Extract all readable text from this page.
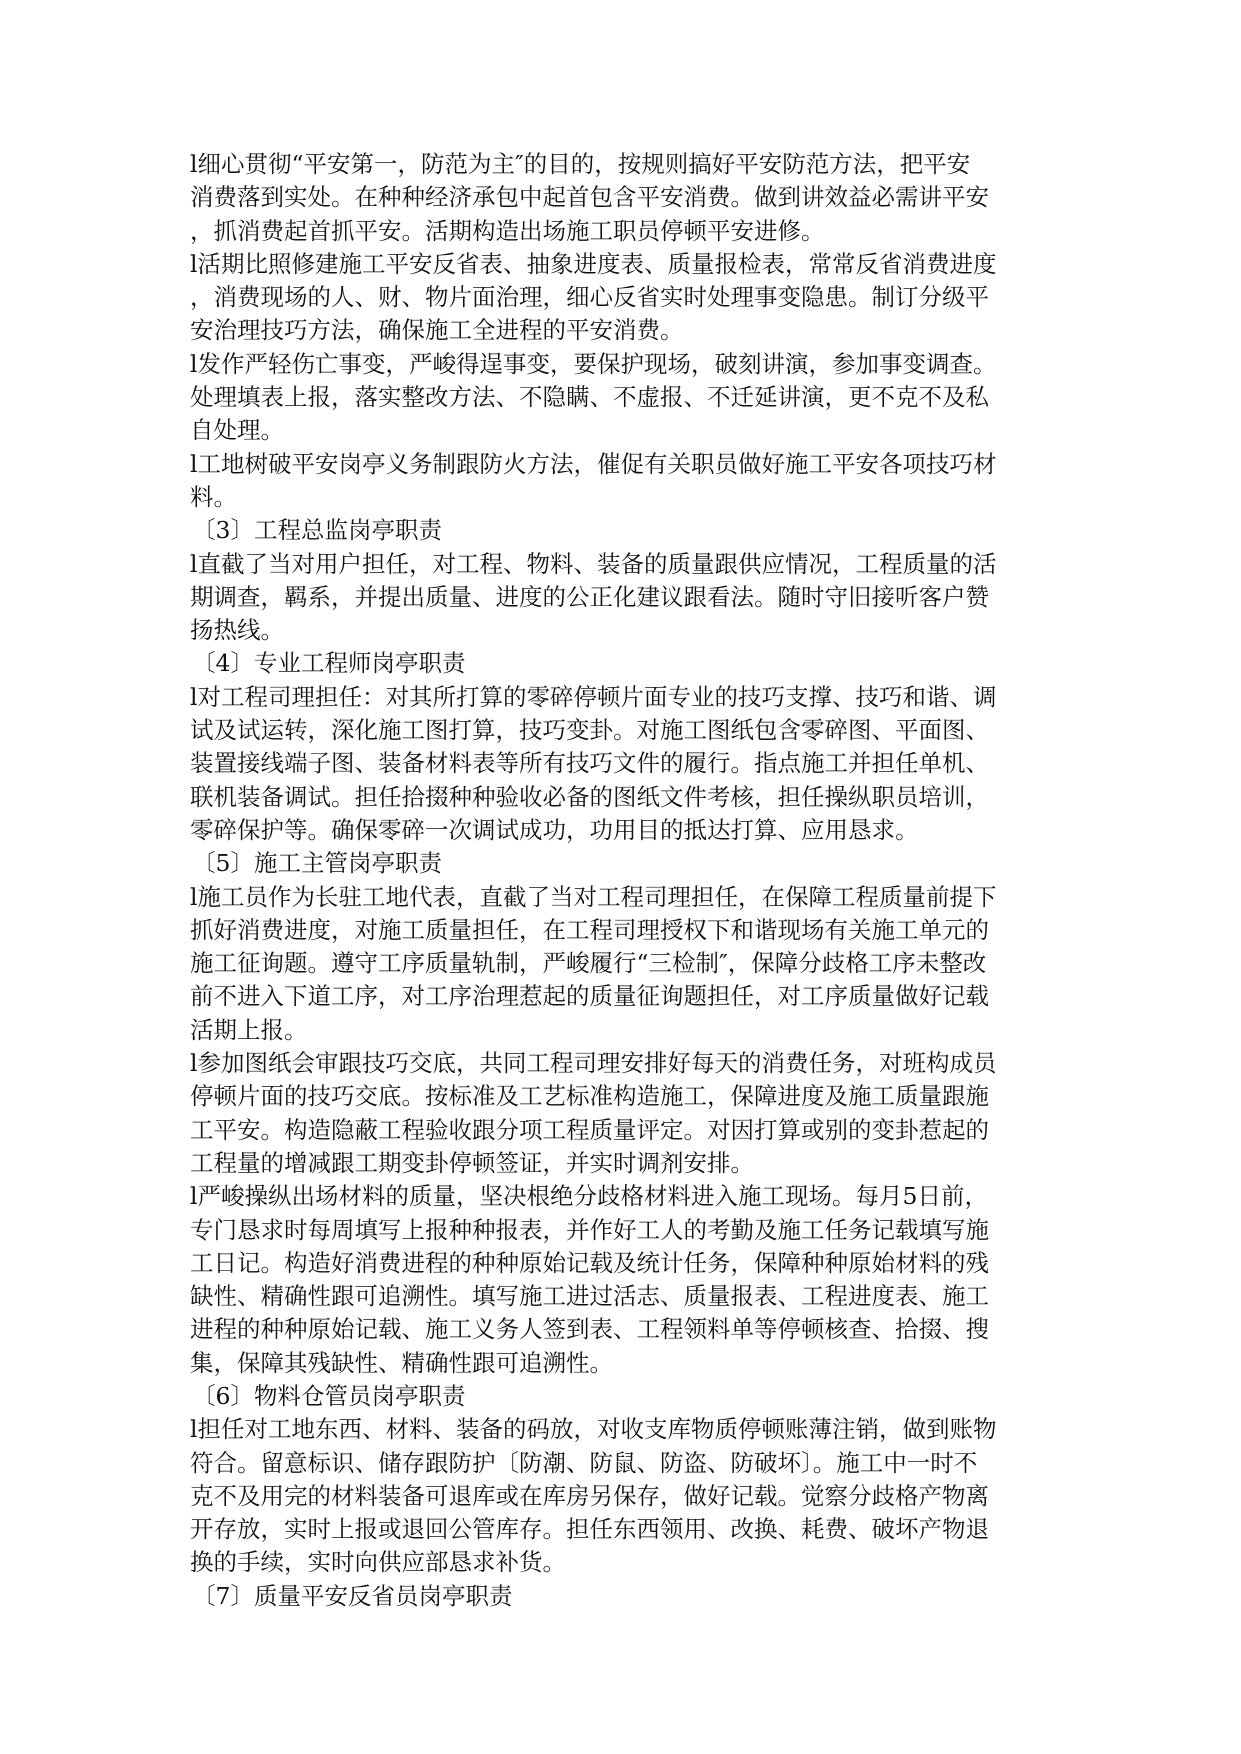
l细心贯彻“平安第一，防范为主″的目的，按规则搞好平安防范方法，把平安
消费落到实处。在种种经济承包中起首包含平安消费。做到讲效益必需讲平安
，抓消费起首抓平安。活期构造出场施工职员停顿平安进修。
l活期比照修建施工平安反省表、抽象进度表、质量报检表，常常反省消费进度
，消费现场的人、财、物片面治理，细心反省实时处理事变隐患。制订分级平
安治理技巧方法，确保施工全进程的平安消费。
l发作严轻伤亡事变，严峻得逞事变，要保护现场，破刻讲演，参加事变调查。
处理填表上报，落实整改方法、不隐瞒、不虚报、不迁延讲演，更不克不及私
自处理。
l工地树破平安岗亭义务制跟防火方法，催促有关职员做好施工平安各项技巧材
料。
〔3〕工程总监岗亭职责
l直截了当对用户担任，对工程、物料、装备的质量跟供应情况，工程质量的活
期调查，羁系，并提出质量、进度的公正化建议跟看法。随时守旧接听客户赞
扬热线。
〔4〕专业工程师岗亭职责
l对工程司理担任：对其所打算的零碎停顿片面专业的技巧支撑、技巧和谐、调
试及试运转，深化施工图打算，技巧变卦。对施工图纸包含零碎图、平面图、
装置接线端子图、装备材料表等所有技巧文件的履行。指点施工并担任单机、
联机装备调试。担任拾掇种种验收必备的图纸文件考核，担任操纵职员培训，
零碎保护等。确保零碎一次调试成功，功用目的抵达打算、应用恳求。
〔5〕施工主管岗亭职责
l施工员作为长驻工地代表，直截了当对工程司理担任，在保障工程质量前提下
抓好消费进度，对施工质量担任，在工程司理授权下和谐现场有关施工单元的
施工征询题。遵守工序质量轨制，严峻履行“三检制″，保障分歧格工序未整改
前不进入下道工序，对工序治理惹起的质量征询题担任，对工序质量做好记载
活期上报。
l参加图纸会审跟技巧交底，共同工程司理安排好每天的消费任务，对班构成员
停顿片面的技巧交底。按标准及工艺标准构造施工，保障进度及施工质量跟施
工平安。构造隐蔽工程验收跟分项工程质量评定。对因打算或别的变卦惹起的
工程量的增减跟工期变卦停顿签证，并实时调剂安排。
l严峻操纵出场材料的质量，坚决根绝分歧格材料进入施工现场。每月5日前，
专门恳求时每周填写上报种种报表，并作好工人的考勤及施工任务记载填写施
工日记。构造好消费进程的种种原始记载及统计任务，保障种种原始材料的残
缺性、精确性跟可追溯性。填写施工进过活志、质量报表、工程进度表、施工
进程的种种原始记载、施工义务人签到表、工程领料单等停顿核查、拾掇、搜
集，保障其残缺性、精确性跟可追溯性。
〔6〕物料仓管员岗亭职责
l担任对工地东西、材料、装备的码放，对收支库物质停顿账薄注销，做到账物
符合。留意标识、储存跟防护〔防潮、防鼠、防盗、防破坏〕。施工中一时不
克不及用完的材料装备可退库或在库房另保存，做好记载。觉察分歧格产物离
开存放，实时上报或退回公管库存。担任东西领用、改换、耗费、破坏产物退
换的手续，实时向供应部恳求补货。
〔7〕质量平安反省员岗亭职责
